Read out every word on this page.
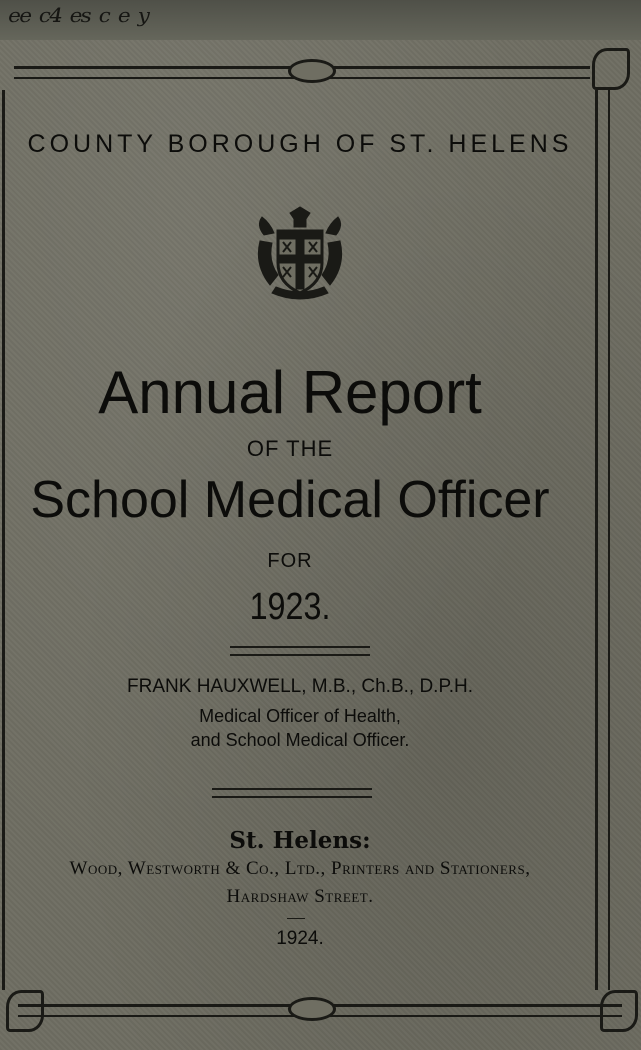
ᵉᵉ ᶜ⁴ ᵉˢ ᶜ ᵉ ʸ
COUNTY BOROUGH OF ST. HELENS
Annual Report
OF THE
School Medical Officer
FOR
1923.
FRANK HAUXWELL, M.B., Ch.B., D.P.H.
Medical Officer of Health,
and School Medical Officer.
St. Helens:
Wood, Westworth & Co., Ltd., Printers and Stationers,
Hardshaw Street.
1924.
